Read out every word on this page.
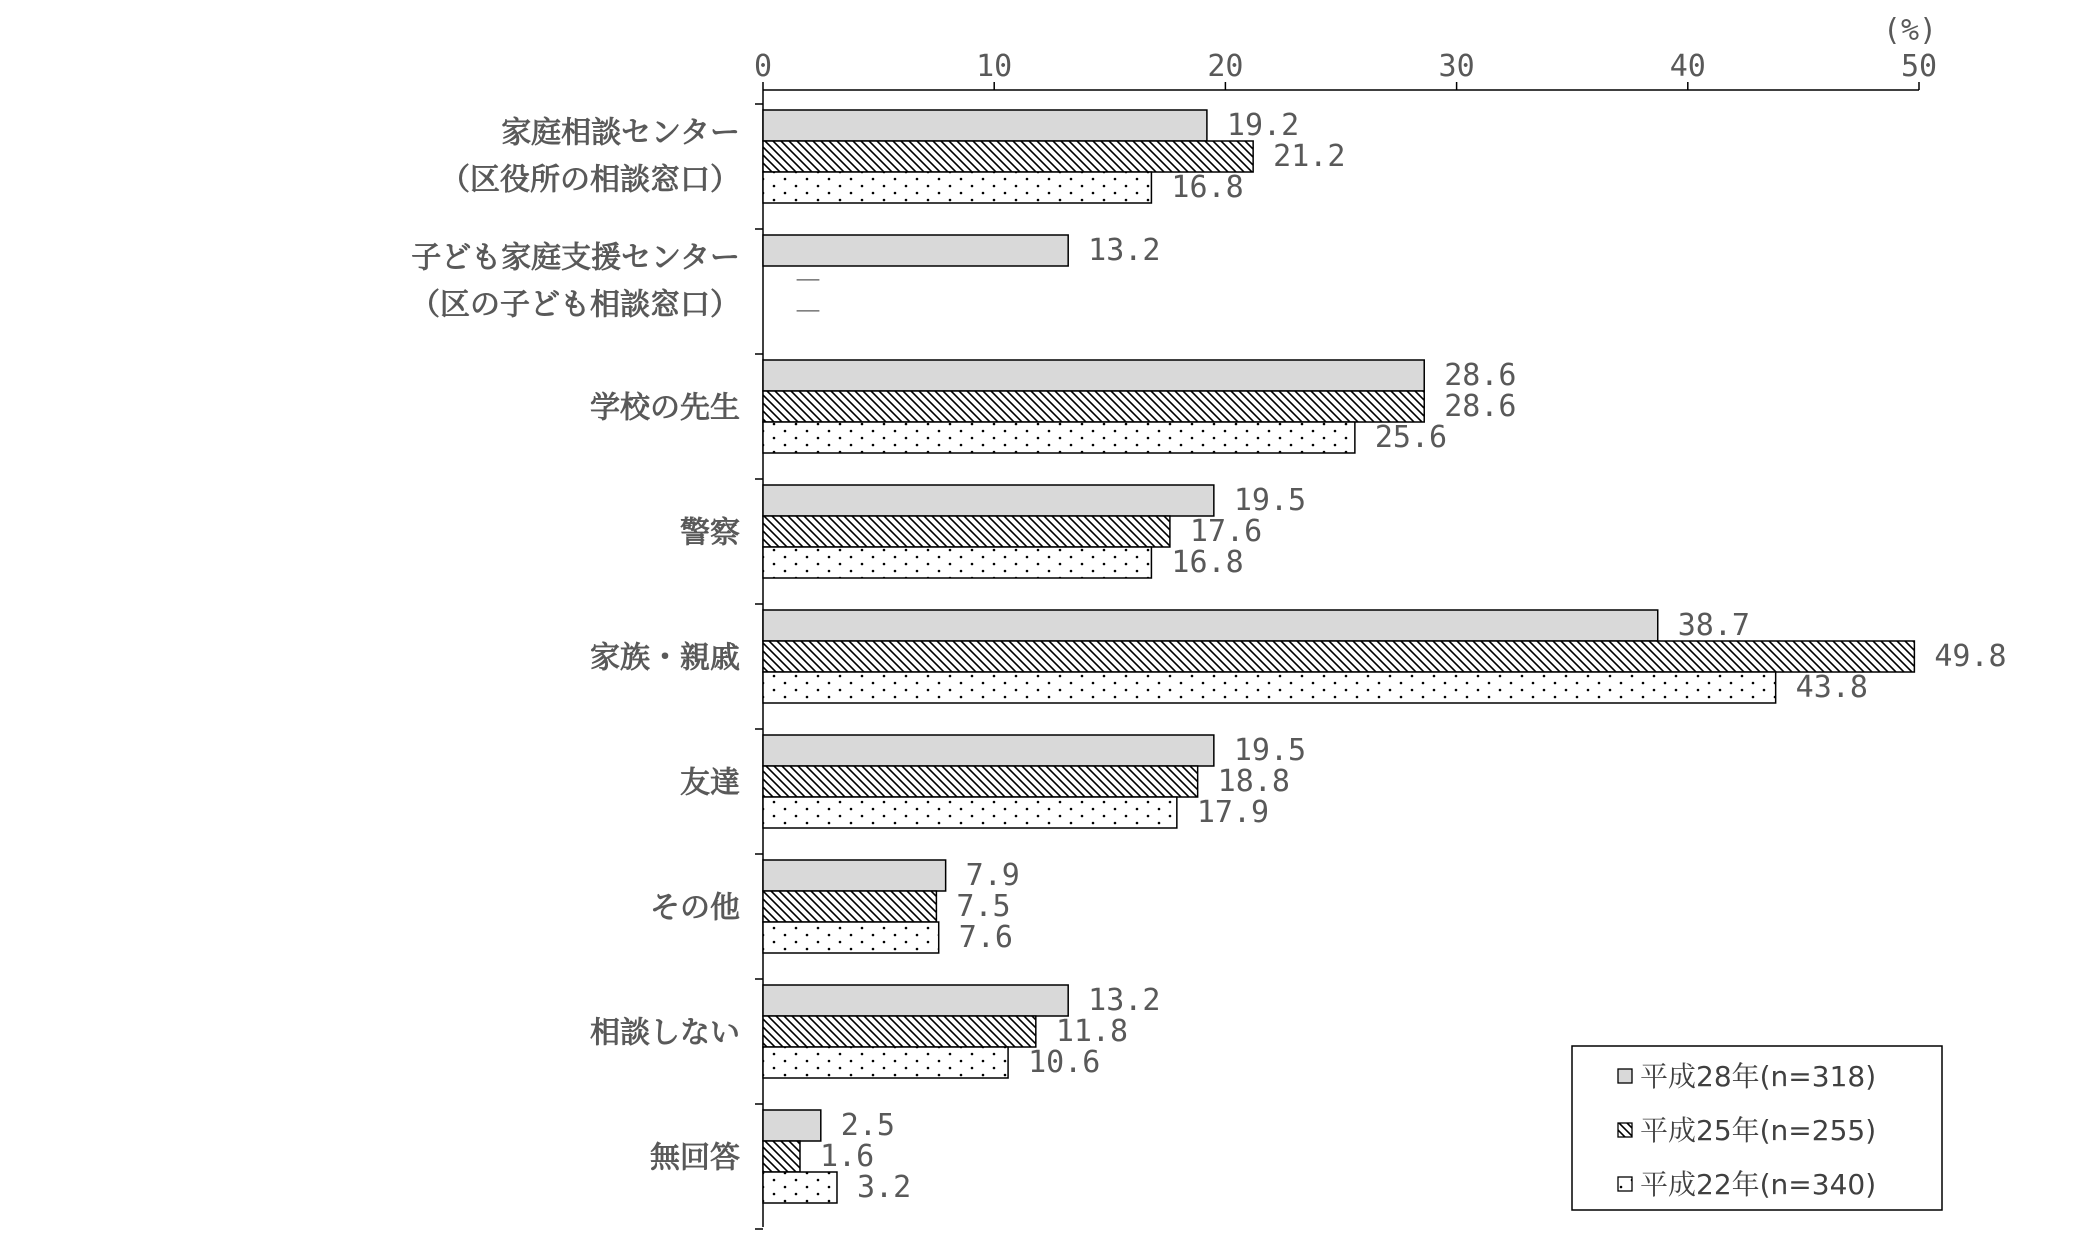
(%)
0	10	20	30	40	50
家庭相談センター（区役所の相談窓口）
19.2
21.2
16.8
子ども家庭支援センター（区の子ども相談窓口）
13.2
－
－
学校の先生
28.6
28.6
25.6
警察
19.5
17.6
16.8
家族・親戚
38.7
49.8
43.8
友達
19.5
18.8
17.9
その他
7.9
7.5
7.6
相談しない
13.2
11.8
10.6
無回答
2.5
1.6
3.2
平成28年(n=318)
平成25年(n=255)
平成22年(n=340)
